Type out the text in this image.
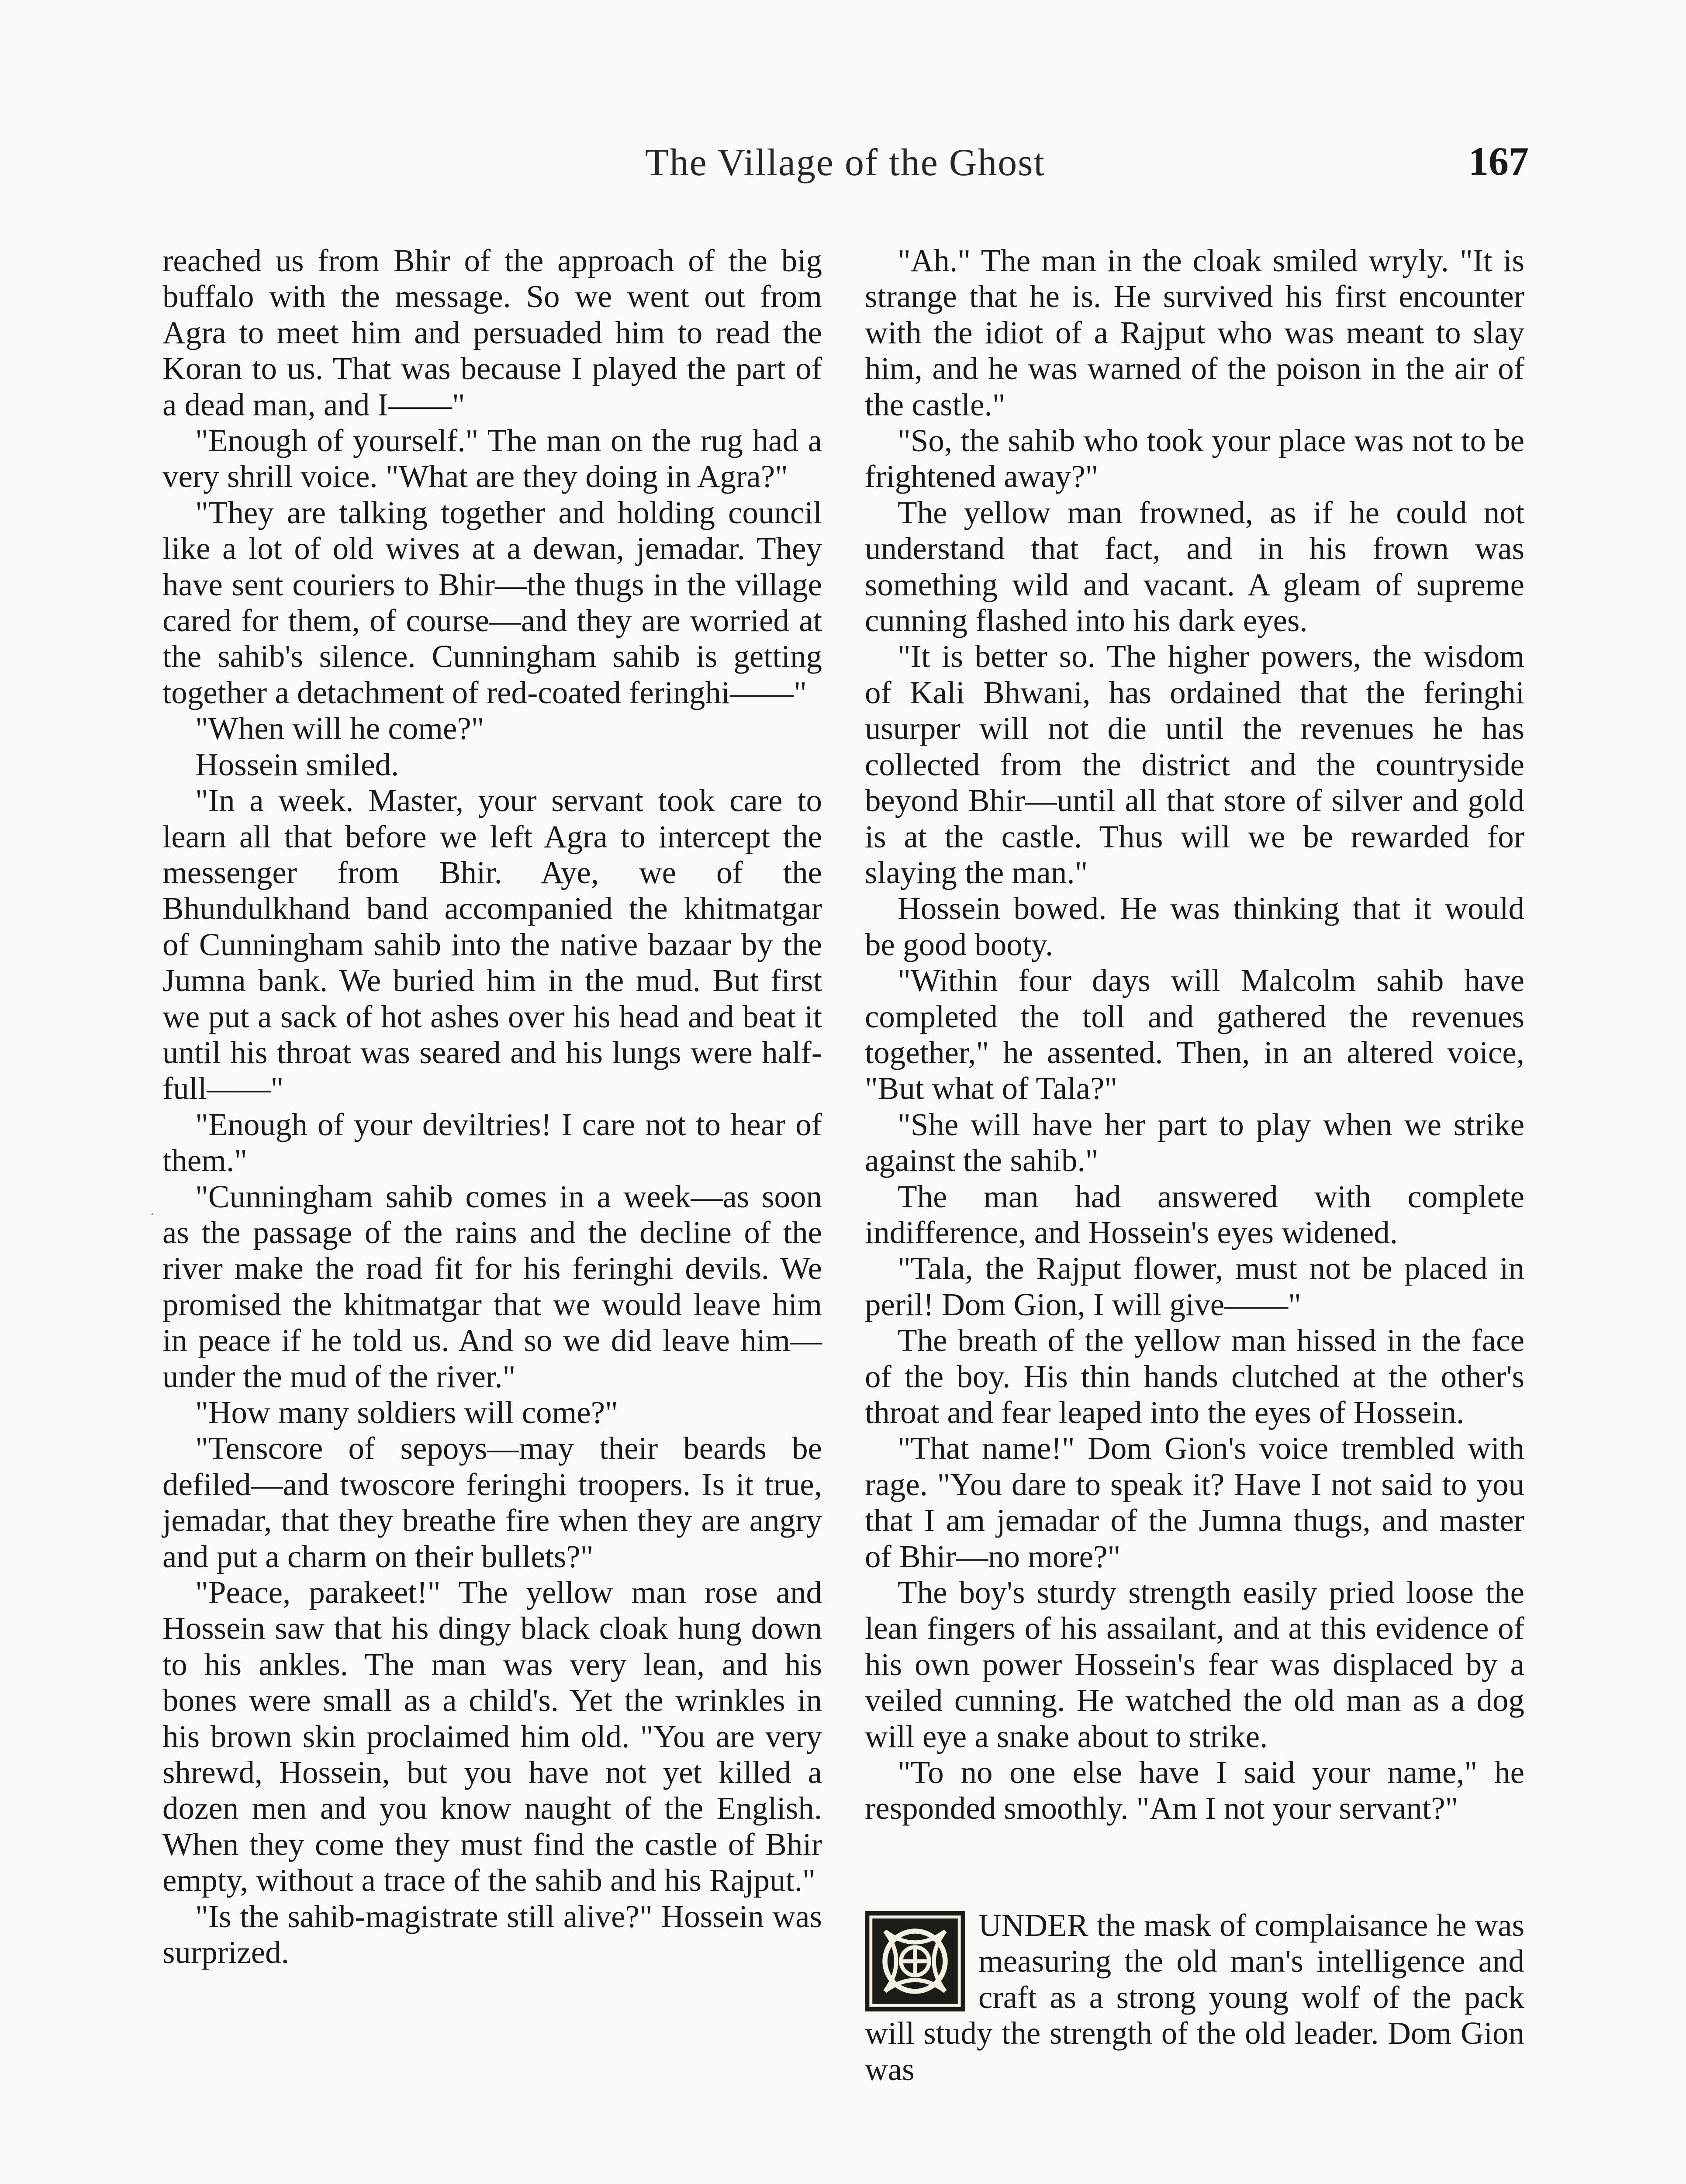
The Village of the Ghost	167
·

reached us from Bhir of the approach of the big buffalo with the message. So we went out from Agra to meet him and persuaded him to read the Koran to us. That was because I played the part of a dead man, and I——"

"Enough of yourself." The man on the rug had a very shrill voice. "What are they doing in Agra?"

"They are talking together and holding council like a lot of old wives at a dewan, jemadar. They have sent couriers to Bhir—the thugs in the village cared for them, of course—and they are worried at the sahib's silence. Cunningham sahib is getting together a detachment of red-coated feringhi——"

"When will he come?"

Hossein smiled.

"In a week. Master, your servant took care to learn all that before we left Agra to intercept the messenger from Bhir. Aye, we of the Bhundulkhand band accompanied the khitmatgar of Cunningham sahib into the native bazaar by the Jumna bank. We buried him in the mud. But first we put a sack of hot ashes over his head and beat it until his throat was seared and his lungs were half-full——"

"Enough of your deviltries! I care not to hear of them."

"Cunningham sahib comes in a week—as soon as the passage of the rains and the decline of the river make the road fit for his feringhi devils. We promised the khitmatgar that we would leave him in peace if he told us. And so we did leave him—under the mud of the river."

"How many soldiers will come?"

"Tenscore of sepoys—may their beards be defiled—and twoscore feringhi troopers. Is it true, jemadar, that they breathe fire when they are angry and put a charm on their bullets?"

"Peace, parakeet!" The yellow man rose and Hossein saw that his dingy black cloak hung down to his ankles. The man was very lean, and his bones were small as a child's. Yet the wrinkles in his brown skin proclaimed him old. "You are very shrewd, Hossein, but you have not yet killed a dozen men and you know naught of the English. When they come they must find the castle of Bhir empty, without a trace of the sahib and his Rajput."

"Is the sahib-magistrate still alive?" Hossein was surprized.

"Ah." The man in the cloak smiled wryly. "It is strange that he is. He survived his first encounter with the idiot of a Rajput who was meant to slay him, and he was warned of the poison in the air of the castle."

"So, the sahib who took your place was not to be frightened away?"

The yellow man frowned, as if he could not understand that fact, and in his frown was something wild and vacant. A gleam of supreme cunning flashed into his dark eyes.

"It is better so. The higher powers, the wisdom of Kali Bhwani, has ordained that the feringhi usurper will not die until the revenues he has collected from the district and the countryside beyond Bhir—until all that store of silver and gold is at the castle. Thus will we be rewarded for slaying the man."

Hossein bowed. He was thinking that it would be good booty.

"Within four days will Malcolm sahib have completed the toll and gathered the revenues together," he assented. Then, in an altered voice, "But what of Tala?"

"She will have her part to play when we strike against the sahib."

The man had answered with complete indifference, and Hossein's eyes widened.

"Tala, the Rajput flower, must not be placed in peril! Dom Gion, I will give——"

The breath of the yellow man hissed in the face of the boy. His thin hands clutched at the other's throat and fear leaped into the eyes of Hossein.

"That name!" Dom Gion's voice trembled with rage. "You dare to speak it? Have I not said to you that I am jemadar of the Jumna thugs, and master of Bhir—no more?"

The boy's sturdy strength easily pried loose the lean fingers of his assailant, and at this evidence of his own power Hossein's fear was displaced by a veiled cunning. He watched the old man as a dog will eye a snake about to strike.

"To no one else have I said your name," he responded smoothly. "Am I not your servant?"

UNDER the mask of complaisance he was measuring the old man's intelligence and craft as a strong young wolf of the pack will study the strength of the old leader. Dom Gion was
